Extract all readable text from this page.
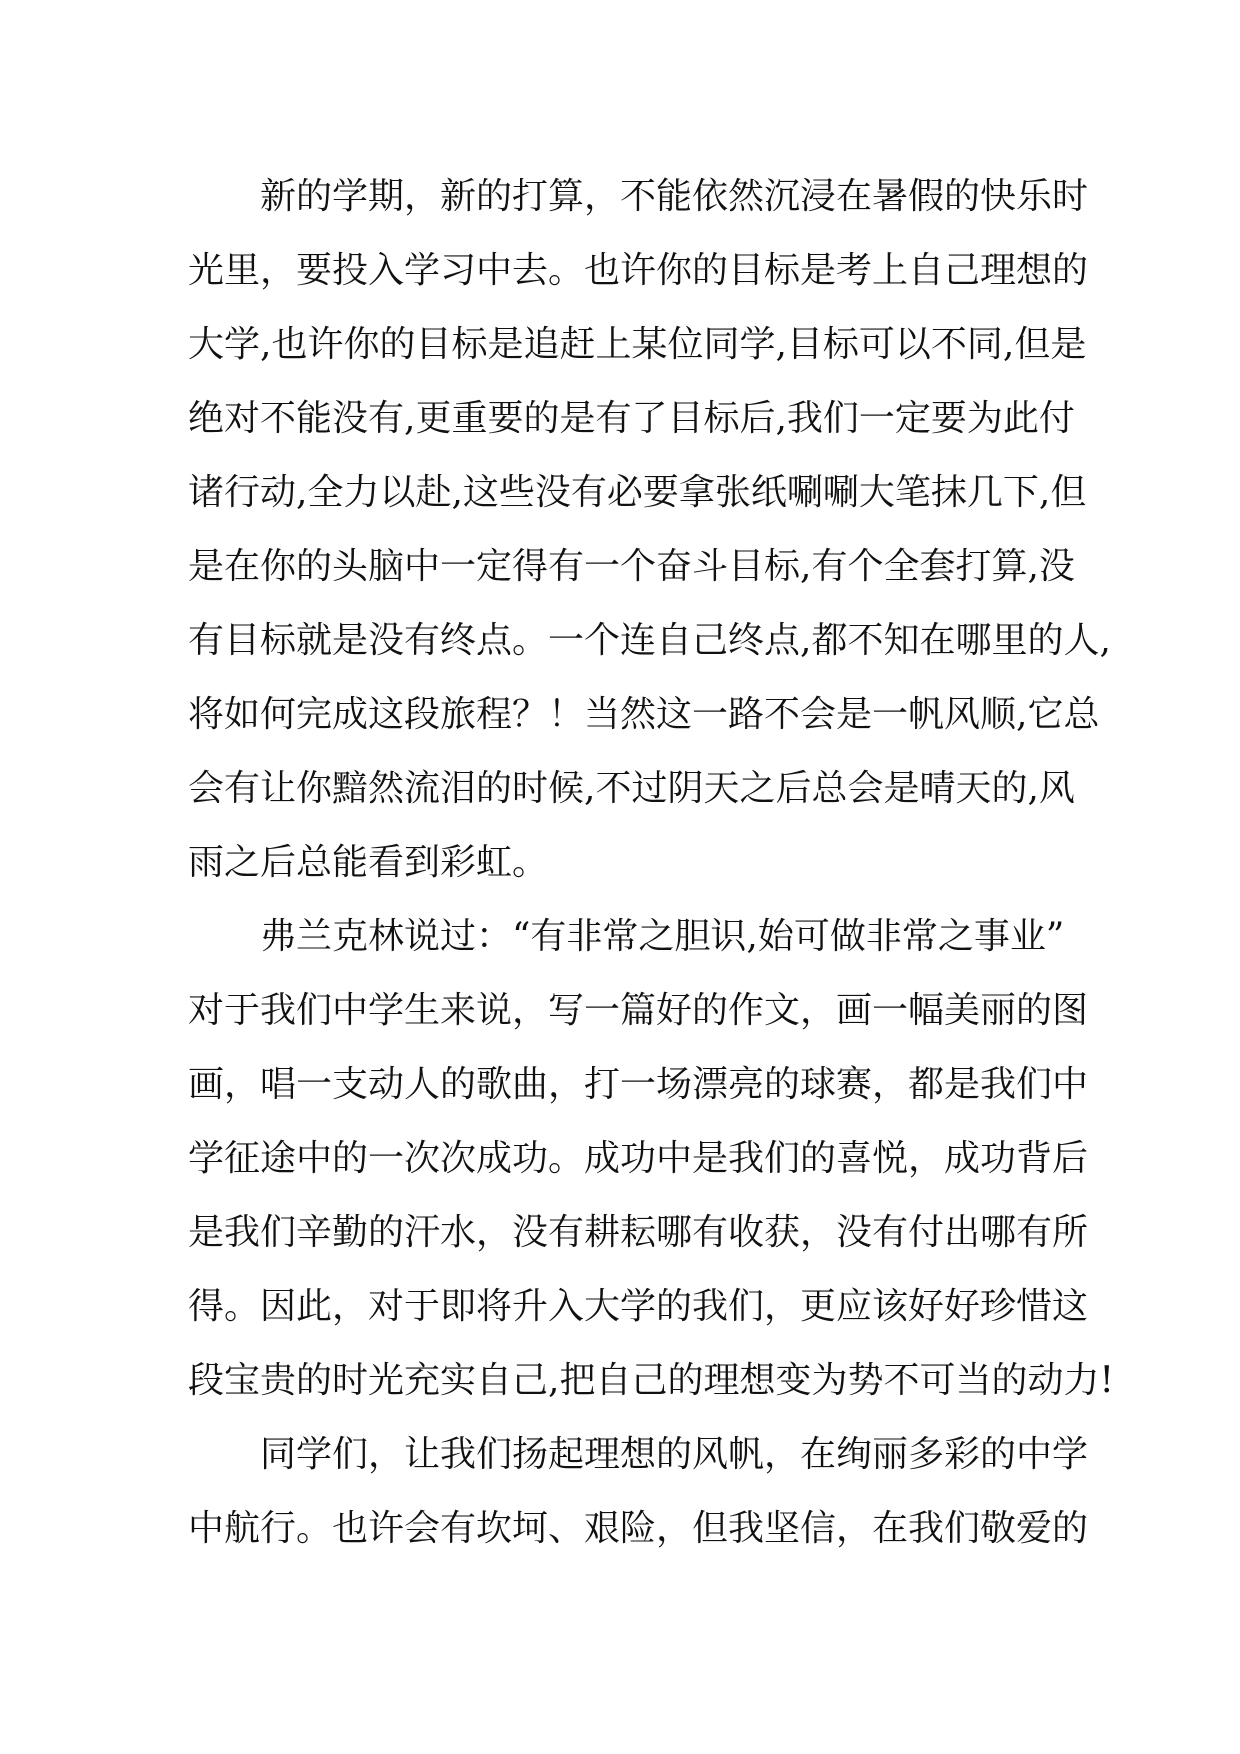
新的学期，新的打算，不能依然沉浸在暑假的快乐时
光里，要投入学习中去。也许你的目标是考上自己理想的
大学,也许你的目标是追赶上某位同学,目标可以不同,但是
绝对不能没有,更重要的是有了目标后,我们一定要为此付
诸行动,全力以赴,这些没有必要拿张纸唰唰大笔抹几下,但
是在你的头脑中一定得有一个奋斗目标,有个全套打算,没
有目标就是没有终点。一个连自己终点,都不知在哪里的人,
将如何完成这段旅程？！当然这一路不会是一帆风顺,它总
会有让你黯然流泪的时候,不过阴天之后总会是晴天的,风
雨之后总能看到彩虹。
弗兰克林说过：“有非常之胆识,始可做非常之事业”
对于我们中学生来说，写一篇好的作文，画一幅美丽的图
画，唱一支动人的歌曲，打一场漂亮的球赛，都是我们中
学征途中的一次次成功。成功中是我们的喜悦，成功背后
是我们辛勤的汗水，没有耕耘哪有收获，没有付出哪有所
得。因此，对于即将升入大学的我们，更应该好好珍惜这
段宝贵的时光充实自己,把自己的理想变为势不可当的动力!
同学们，让我们扬起理想的风帆，在绚丽多彩的中学
中航行。也许会有坎坷、艰险，但我坚信，在我们敬爱的
